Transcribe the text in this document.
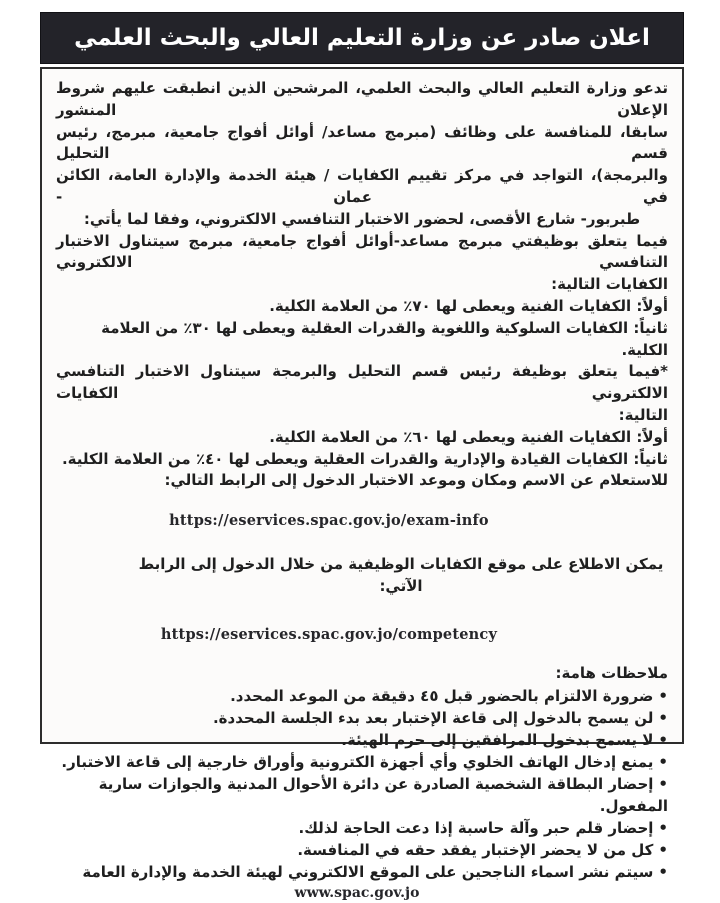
اعلان صادر عن وزارة التعليم العالي والبحث العلمي
تدعو وزارة التعليم العالي والبحث العلمي، المرشحين الذين انطبقت عليهم شروط الإعلان المنشور
سابقا، للمنافسة على وظائف (مبرمج مساعد/ أوائل أفواج جامعية، مبرمج، رئيس قسم التحليل
والبرمجة)، التواجد في مركز تقييم الكفايات / هيئة الخدمة والإدارة العامة، الكائن في عمان -
طبربور- شارع الأقصى، لحضور الاختبار التنافسي الالكتروني، وفقا لما يأتي:
فيما يتعلق بوظيفتي مبرمج مساعد-أوائل أفواج جامعية، مبرمج سيتناول الاختبار التنافسي الالكتروني
الكفايات التالية:
أولاً: الكفايات الفنية ويعطى لها ٧٠٪ من العلامة الكلية.
ثانياً: الكفايات السلوكية واللغوية والقدرات العقلية ويعطى لها ٣٠٪ من العلامة الكلية.
*فيما يتعلق بوظيفة رئيس قسم التحليل والبرمجة سيتناول الاختبار التنافسي الالكتروني الكفايات
التالية:
أولاً: الكفايات الفنية ويعطى لها ٦٠٪ من العلامة الكلية.
ثانياً: الكفايات القيادة والإدارية والقدرات العقلية ويعطى لها ٤٠٪ من العلامة الكلية.
للاستعلام عن الاسم ومكان وموعد الاختبار الدخول إلى الرابط التالي:
https://eservices.spac.gov.jo/exam-info
يمكن الاطلاع على موقع الكفايات الوظيفية من خلال الدخول إلى الرابط الآتي:
https://eservices.spac.gov.jo/competency
ملاحظات هامة:
•ضرورة الالتزام بالحضور قبل ٤٥ دقيقة من الموعد المحدد.
•لن يسمح بالدخول إلى قاعة الإختبار بعد بدء الجلسة المحددة.
•لا يسمح بدخول المرافقين إلى حرم الهيئة.
•يمنع إدخال الهاتف الخلوي وأي أجهزة الكترونية وأوراق خارجية إلى قاعة الاختبار.
•إحضار البطاقة الشخصية الصادرة عن دائرة الأحوال المدنية والجوازات سارية المفعول.
•إحضار قلم حبر وآلة حاسبة إذا دعت الحاجة لذلك.
•كل من لا يحضر الإختبار يفقد حقه في المنافسة.
•سيتم نشر اسماء الناجحين على الموقع الالكتروني لهيئة الخدمة والإدارة العامة
www.spac.gov.jo
